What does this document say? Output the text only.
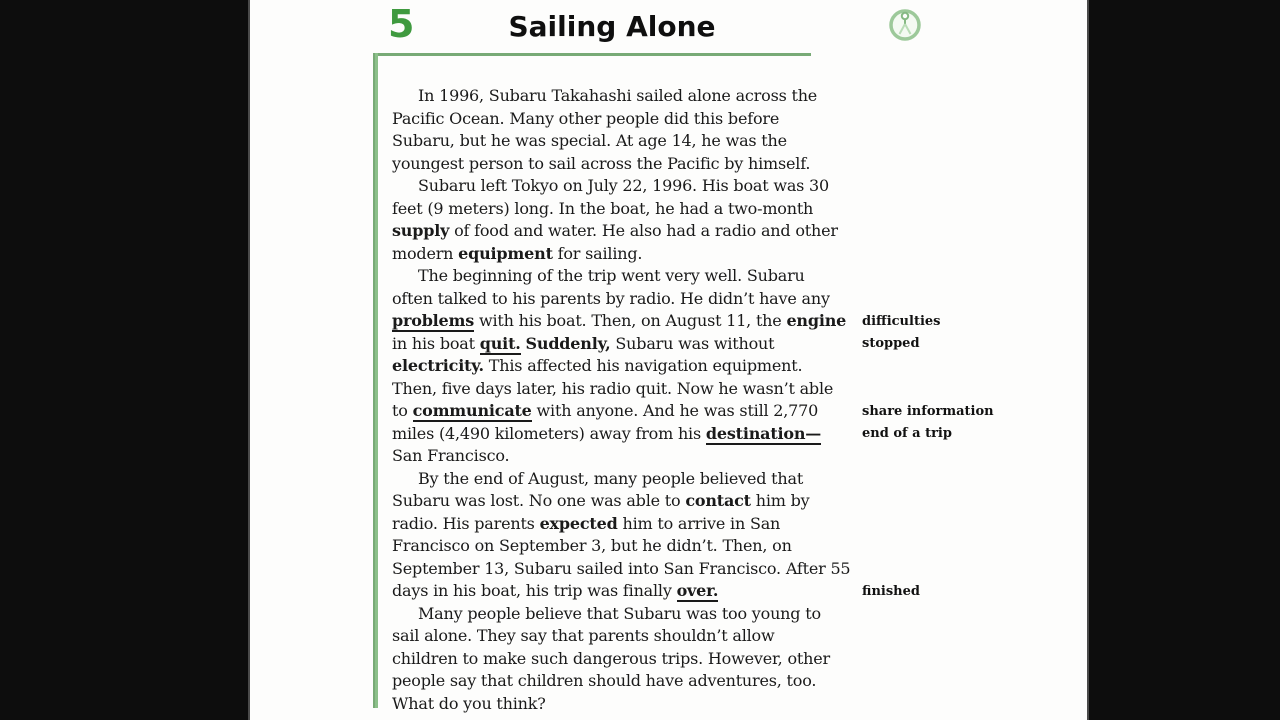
5	Sailing Alone
In 1996, Subaru Takahashi sailed alone across the
Pacific Ocean. Many other people did this before
Subaru, but he was special. At age 14, he was the
youngest person to sail across the Pacific by himself.
Subaru left Tokyo on July 22, 1996. His boat was 30
feet (9 meters) long. In the boat, he had a two-month
supply of food and water. He also had a radio and other
modern equipment for sailing.
The beginning of the trip went very well. Subaru
often talked to his parents by radio. He didn’t have any
problems with his boat. Then, on August 11, the engine
in his boat quit. Suddenly, Subaru was without
electricity. This affected his navigation equipment.
Then, five days later, his radio quit. Now he wasn’t able
to communicate with anyone. And he was still 2,770
miles (4,490 kilometers) away from his destination—
San Francisco.
By the end of August, many people believed that
Subaru was lost. No one was able to contact him by
radio. His parents expected him to arrive in San
Francisco on September 3, but he didn’t. Then, on
September 13, Subaru sailed into San Francisco. After 55
days in his boat, his trip was finally over.
Many people believe that Subaru was too young to
sail alone. They say that parents shouldn’t allow
children to make such dangerous trips. However, other
people say that children should have adventures, too.
What do you think?
difficulties
stopped
share information
end of a trip
finished
